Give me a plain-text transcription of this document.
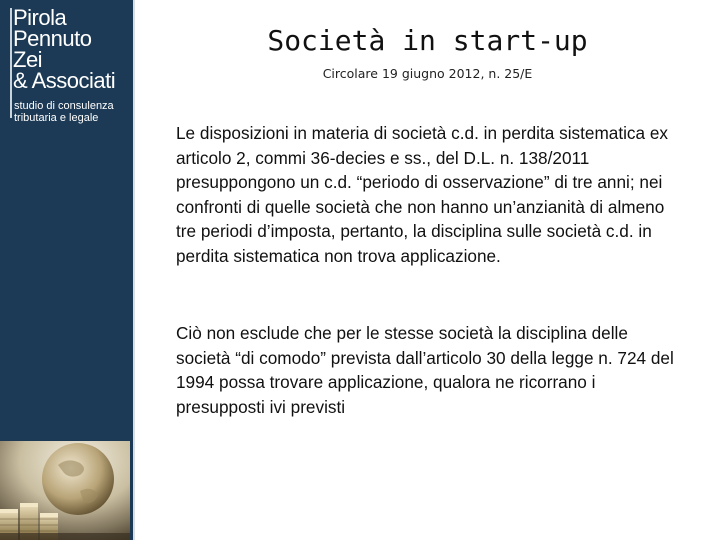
Pirola
Pennuto
Zei
& Associati
studio di consulenza
tributaria e legale
Società in start-up
Circolare 19 giugno 2012, n. 25/E

Le disposizioni in materia di società c.d. in perdita sistematica ex articolo 2, commi 36-decies e ss., del D.L. n. 138/2011 presuppongono un c.d. “periodo di osservazione” di tre anni; nei confronti di quelle società che non hanno un’anzianità di almeno tre periodi d’imposta, pertanto, la disciplina sulle società c.d. in perdita sistematica non trova applicazione.

Ciò non esclude che per le stesse società la disciplina delle società “di comodo” prevista dall’articolo 30 della legge n. 724 del 1994 possa trovare applicazione, qualora ne ricorrano i presupposti ivi previsti
